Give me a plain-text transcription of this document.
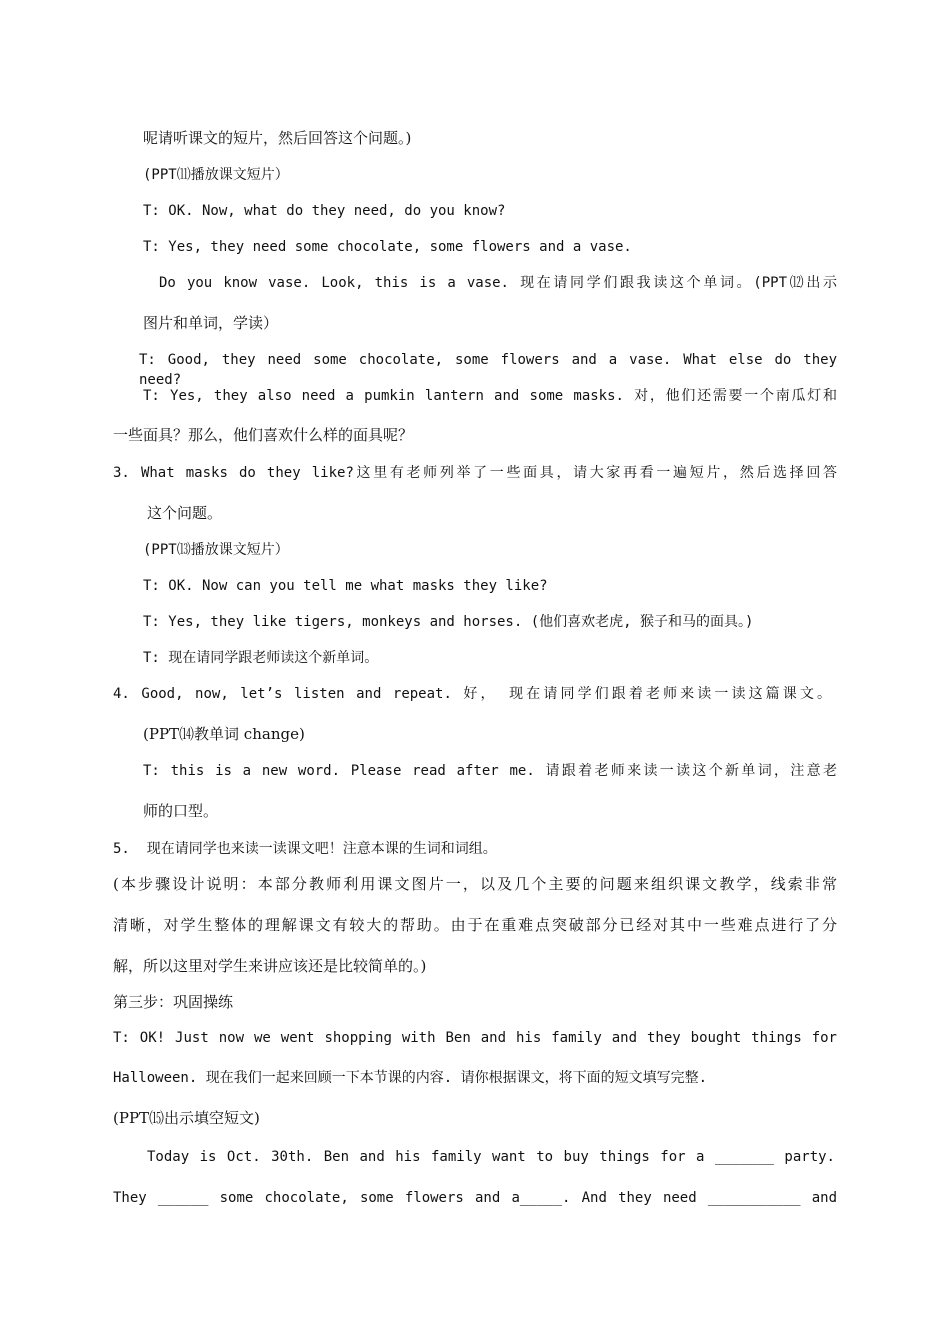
呢请听课文的短片，然后回答这个问题。)
(PPT⑾播放课文短片）
T: OK. Now, what do they need, do you know?
T: Yes, they need some chocolate, some flowers and a vase.
Do you know vase. Look, this is a vase. 现在请同学们跟我读这个单词。(PPT⑿出示
图片和单词，学读）
T: Good, they need some chocolate, some flowers and a vase. What else do they need?
T: Yes, they also need a pumkin lantern and some masks. 对，他们还需要一个南瓜灯和
一些面具？那么，他们喜欢什么样的面具呢？
3. What masks do they like?这里有老师列举了一些面具，请大家再看一遍短片，然后选择回答
这个问题。
(PPT⒀播放课文短片）
T: OK. Now can you tell me what masks they like?
T: Yes, they like tigers, monkeys and horses. (他们喜欢老虎, 猴子和马的面具。)
T: 现在请同学跟老师读这个新单词。
4. Good, now, let’s listen and repeat. 好， 现在请同学们跟着老师来读一读这篇课文。
(PPT⒁教单词 change)
T: this is a new word. Please read after me. 请跟着老师来读一读这个新单词，注意老
师的口型。
5.  现在请同学也来读一读课文吧！注意本课的生词和词组。
(本步骤设计说明：本部分教师利用课文图片一，以及几个主要的问题来组织课文教学，线索非常
清晰，对学生整体的理解课文有较大的帮助。由于在重难点突破部分已经对其中一些难点进行了分
解，所以这里对学生来讲应该还是比较简单的。)
第三步：巩固操练
T: OK! Just now we went shopping with Ben and his family and they bought things for
Halloween. 现在我们一起来回顾一下本节课的内容. 请你根据课文，将下面的短文填写完整.
(PPT⒂出示填空短文)
Today is Oct. 30th. Ben and his family want to buy things for a _______ party.
They ______ some chocolate, some flowers and a_____. And they need ___________ and
